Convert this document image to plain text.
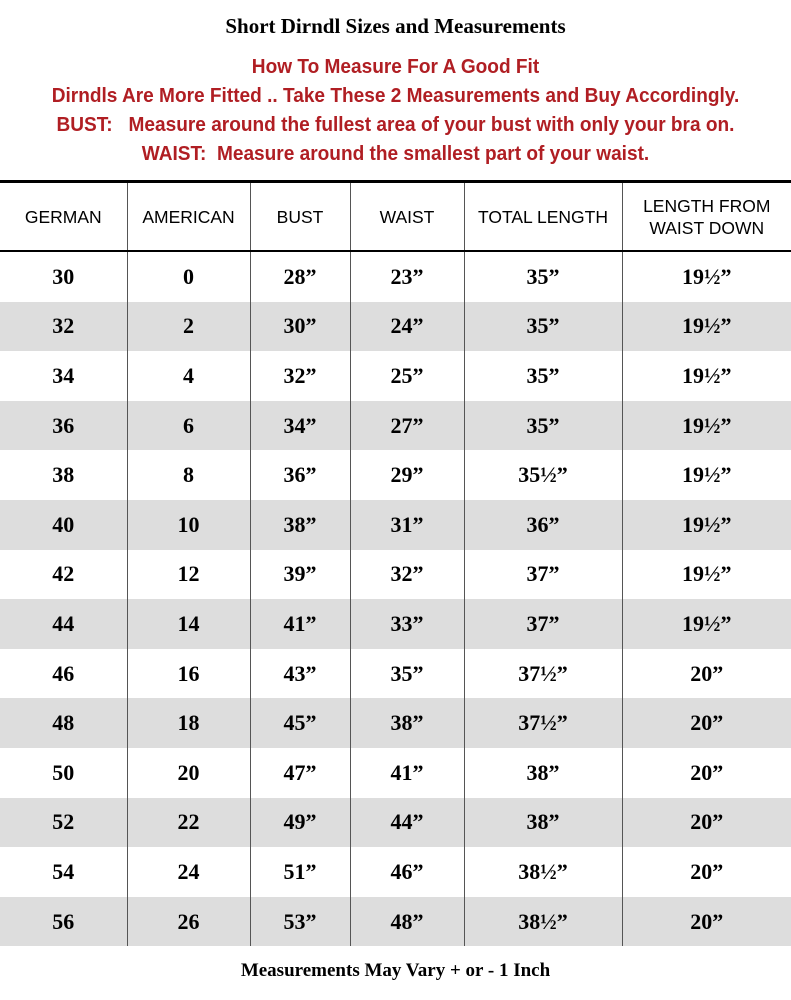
Short Dirndl Sizes and Measurements
How To Measure For A Good Fit
Dirndls Are More Fitted .. Take These 2 Measurements and Buy Accordingly.
BUST:   Measure around the fullest area of your bust with only your bra on.
WAIST:  Measure around the smallest part of your waist.
GERMAN	AMERICAN	BUST	WAIST	TOTAL LENGTH	LENGTH FROM
WAIST DOWN
30	0	28”	23”	35”	19½”
32	2	30”	24”	35”	19½”
34	4	32”	25”	35”	19½”
36	6	34”	27”	35”	19½”
38	8	36”	29”	35½”	19½”
40	10	38”	31”	36”	19½”
42	12	39”	32”	37”	19½”
44	14	41”	33”	37”	19½”
46	16	43”	35”	37½”	20”
48	18	45”	38”	37½”	20”
50	20	47”	41”	38”	20”
52	22	49”	44”	38”	20”
54	24	51”	46”	38½”	20”
56	26	53”	48”	38½”	20”
Measurements May Vary + or - 1 Inch
